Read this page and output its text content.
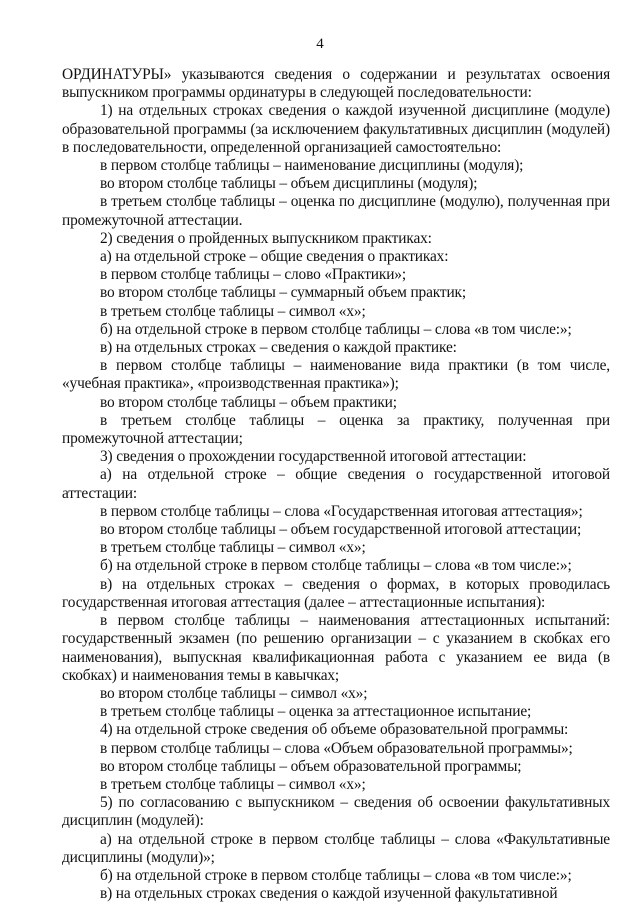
4

ОРДИНАТУРЫ» указываются сведения о содержании и результатах освоения выпускником программы ординатуры в следующей последовательности:

1) на отдельных строках сведения о каждой изученной дисциплине (модуле) образовательной программы (за исключением факультативных дисциплин (модулей) в последовательности, определенной организацией самостоятельно:

в первом столбце таблицы – наименование дисциплины (модуля);

во втором столбце таблицы – объем дисциплины (модуля);

в третьем столбце таблицы – оценка по дисциплине (модулю), полученная при промежуточной аттестации.

2) сведения о пройденных выпускником практиках:

а) на отдельной строке – общие сведения о практиках:

в первом столбце таблицы – слово «Практики»;

во втором столбце таблицы – суммарный объем практик;

в третьем столбце таблицы – символ «х»;

б) на отдельной строке в первом столбце таблицы – слова «в том числе:»;

в) на отдельных строках – сведения о каждой практике:

в первом столбце таблицы – наименование вида практики (в том числе, «учебная практика», «производственная практика»);

во втором столбце таблицы – объем практики;

в третьем столбце таблицы – оценка за практику, полученная при промежуточной аттестации;

3) сведения о прохождении государственной итоговой аттестации:

а) на отдельной строке – общие сведения о государственной итоговой аттестации:

в первом столбце таблицы – слова «Государственная итоговая аттестация»;

во втором столбце таблицы – объем государственной итоговой аттестации;

в третьем столбце таблицы – символ «х»;

б) на отдельной строке в первом столбце таблицы – слова «в том числе:»;

в) на отдельных строках – сведения о формах, в которых проводилась государственная итоговая аттестация (далее – аттестационные испытания):

в первом столбце таблицы – наименования аттестационных испытаний: государственный экзамен (по решению организации – с указанием в скобках его наименования), выпускная квалификационная работа с указанием ее вида (в скобках) и наименования темы в кавычках;

во втором столбце таблицы – символ «х»;

в третьем столбце таблицы – оценка за аттестационное испытание;

4) на отдельной строке сведения об объеме образовательной программы:

в первом столбце таблицы – слова «Объем образовательной программы»;

во втором столбце таблицы – объем образовательной программы;

в третьем столбце таблицы – символ «х»;

5) по согласованию с выпускником – сведения об освоении факультативных дисциплин (модулей):

а) на отдельной строке в первом столбце таблицы – слова «Факультативные дисциплины (модули)»;

б) на отдельной строке в первом столбце таблицы – слова «в том числе:»;

в) на отдельных строках сведения о каждой изученной факультативной
